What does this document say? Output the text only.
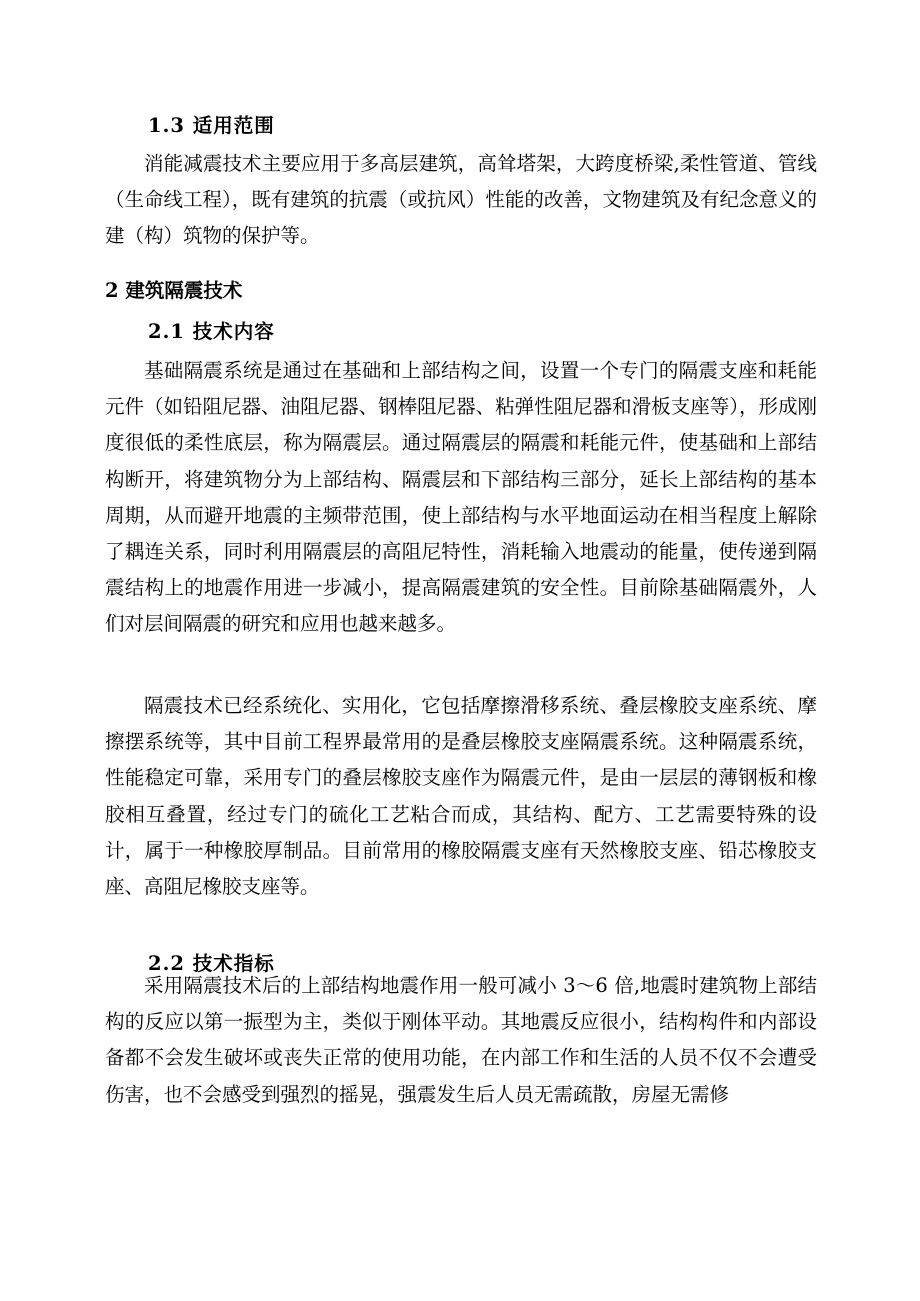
1.3 适用范围

消能减震技术主要应用于多高层建筑，高耸塔架，大跨度桥梁,柔性管道、管线（生命线工程），既有建筑的抗震（或抗风）性能的改善，文物建筑及有纪念意义的建（构）筑物的保护等。

2 建筑隔震技术
2.1 技术内容

基础隔震系统是通过在基础和上部结构之间，设置一个专门的隔震支座和耗能元件（如铅阻尼器、油阻尼器、钢棒阻尼器、粘弹性阻尼器和滑板支座等），形成刚度很低的柔性底层，称为隔震层。通过隔震层的隔震和耗能元件，使基础和上部结构断开，将建筑物分为上部结构、隔震层和下部结构三部分，延长上部结构的基本周期，从而避开地震的主频带范围，使上部结构与水平地面运动在相当程度上解除了耦连关系，同时利用隔震层的高阻尼特性，消耗输入地震动的能量，使传递到隔震结构上的地震作用进一步减小，提高隔震建筑的安全性。目前除基础隔震外，人们对层间隔震的研究和应用也越来越多。

隔震技术已经系统化、实用化，它包括摩擦滑移系统、叠层橡胶支座系统、摩擦摆系统等，其中目前工程界最常用的是叠层橡胶支座隔震系统。这种隔震系统，性能稳定可靠，采用专门的叠层橡胶支座作为隔震元件，是由一层层的薄钢板和橡胶相互叠置，经过专门的硫化工艺粘合而成，其结构、配方、工艺需要特殊的设计，属于一种橡胶厚制品。目前常用的橡胶隔震支座有天然橡胶支座、铅芯橡胶支座、高阻尼橡胶支座等。

2.2 技术指标

采用隔震技术后的上部结构地震作用一般可减小 3～6 倍,地震时建筑物上部结构的反应以第一振型为主，类似于刚体平动。其地震反应很小，结构构件和内部设备都不会发生破坏或丧失正常的使用功能，在内部工作和生活的人员不仅不会遭受伤害，也不会感受到强烈的摇晃，强震发生后人员无需疏散，房屋无需修
